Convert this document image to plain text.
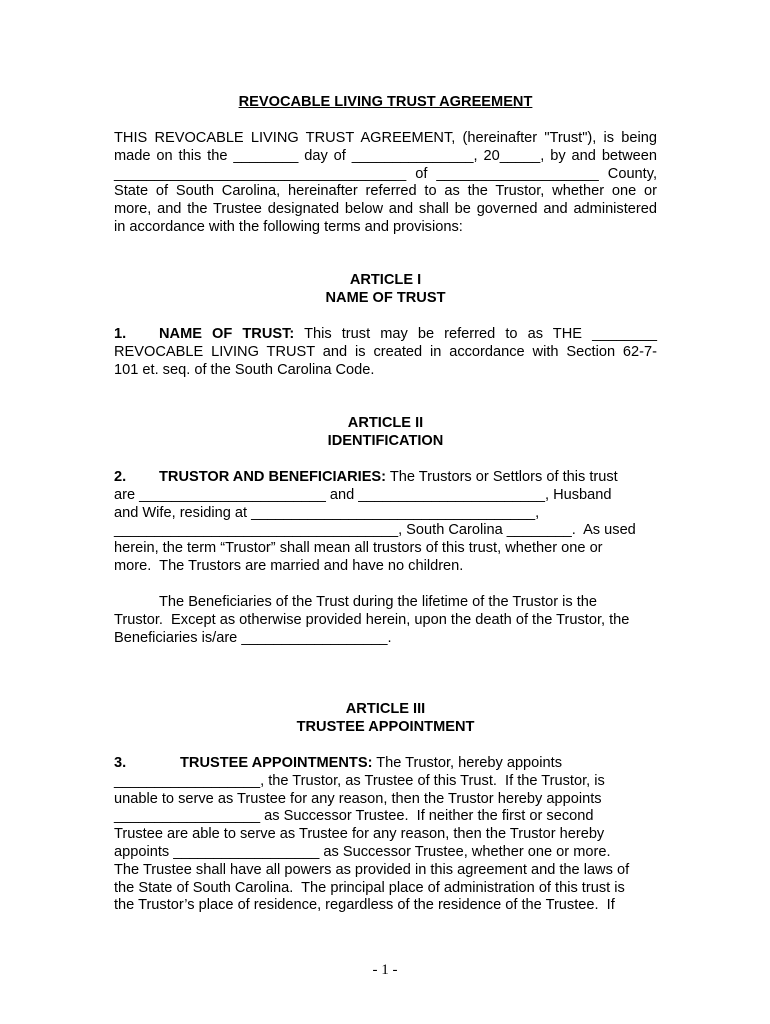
REVOCABLE LIVING TRUST AGREEMENT
THIS REVOCABLE LIVING TRUST AGREEMENT, (hereinafter "Trust"), is being
made on this the ________ day of _______________, 20_____, by and between
____________________________________ of ____________________ County,
State of South Carolina, hereinafter referred to as the Trustor, whether one or
more, and the Trustee designated below and shall be governed and administered
in accordance with the following terms and provisions:
ARTICLE I
NAME OF TRUST
1. NAME OF TRUST: This trust may be referred to as THE ________
REVOCABLE LIVING TRUST and is created in accordance with Section 62-7-
101 et. seq. of the South Carolina Code.
ARTICLE II
IDENTIFICATION
2. TRUSTOR AND BENEFICIARIES: The Trustors or Settlors of this trust
are _______________________ and _______________________, Husband
and Wife, residing at ___________________________________,
___________________________________, South Carolina ________.  As used
herein, the term “Trustor” shall mean all trustors of this trust, whether one or
more.  The Trustors are married and have no children.
The Beneficiaries of the Trust during the lifetime of the Trustor is the
Trustor.  Except as otherwise provided herein, upon the death of the Trustor, the
Beneficiaries is/are __________________.
ARTICLE III
TRUSTEE APPOINTMENT
3.	TRUSTEE APPOINTMENTS: The Trustor, hereby appoints
__________________, the Trustor, as Trustee of this Trust.  If the Trustor, is
unable to serve as Trustee for any reason, then the Trustor hereby appoints
__________________ as Successor Trustee.  If neither the first or second
Trustee are able to serve as Trustee for any reason, then the Trustor hereby
appoints __________________ as Successor Trustee, whether one or more.
The Trustee shall have all powers as provided in this agreement and the laws of
the State of South Carolina.  The principal place of administration of this trust is
the Trustor’s place of residence, regardless of the residence of the Trustee.  If
- 1 -
